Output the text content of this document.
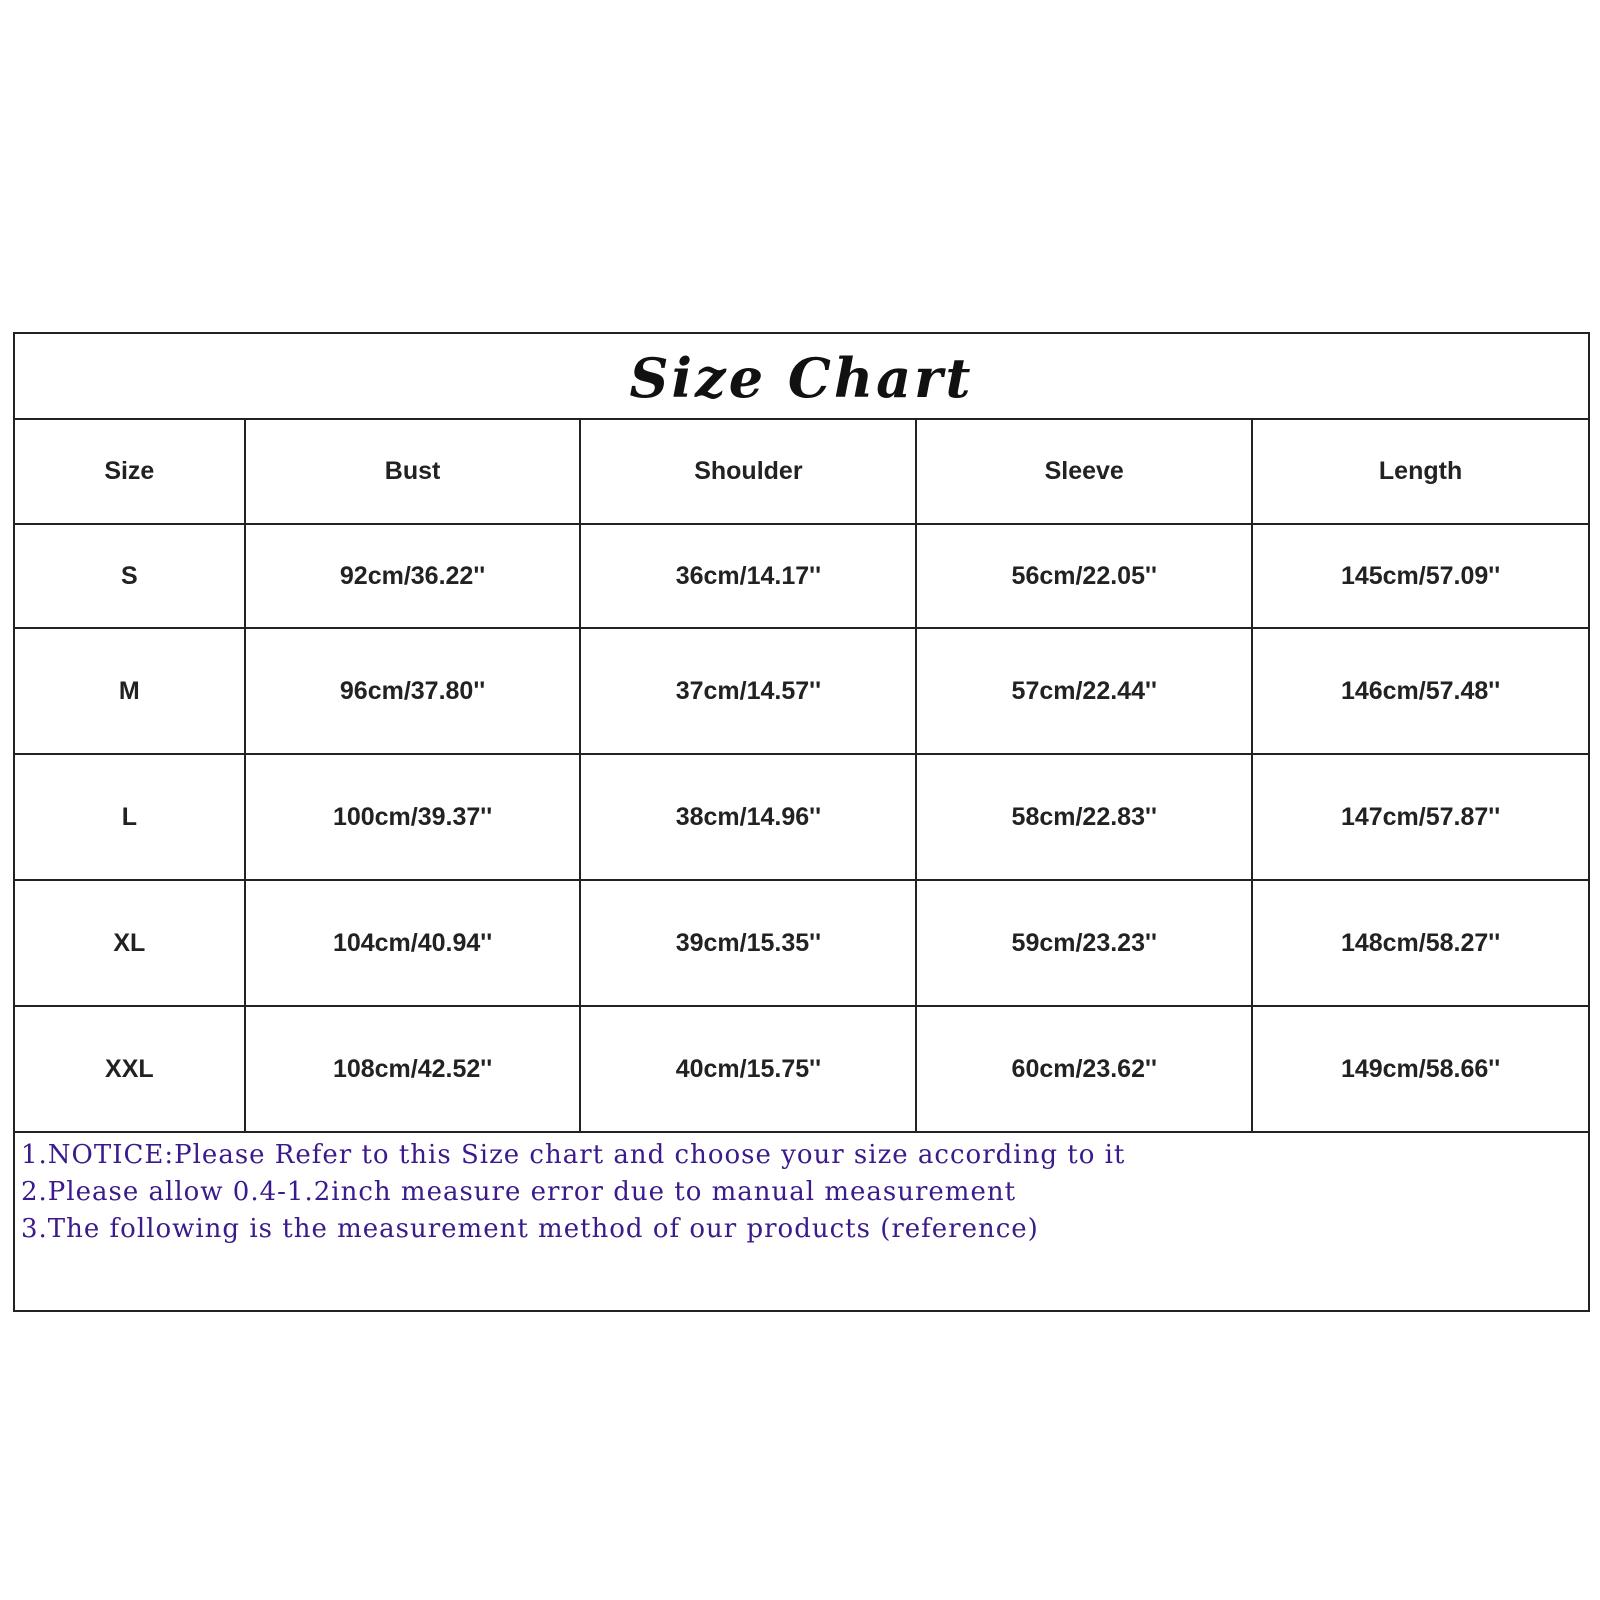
Size Chart
Size	Bust	Shoulder	Sleeve	Length
S	92cm/36.22''	36cm/14.17''	56cm/22.05''	145cm/57.09''
M	96cm/37.80''	37cm/14.57''	57cm/22.44''	146cm/57.48''
L	100cm/39.37''	38cm/14.96''	58cm/22.83''	147cm/57.87''
XL	104cm/40.94''	39cm/15.35''	59cm/23.23''	148cm/58.27''
XXL	108cm/42.52''	40cm/15.75''	60cm/23.62''	149cm/58.66''
1.NOTICE:Please Refer to this Size chart and choose your size according to it
2.Please allow 0.4-1.2inch measure error due to manual measurement
3.The following is the measurement method of our products (reference)
